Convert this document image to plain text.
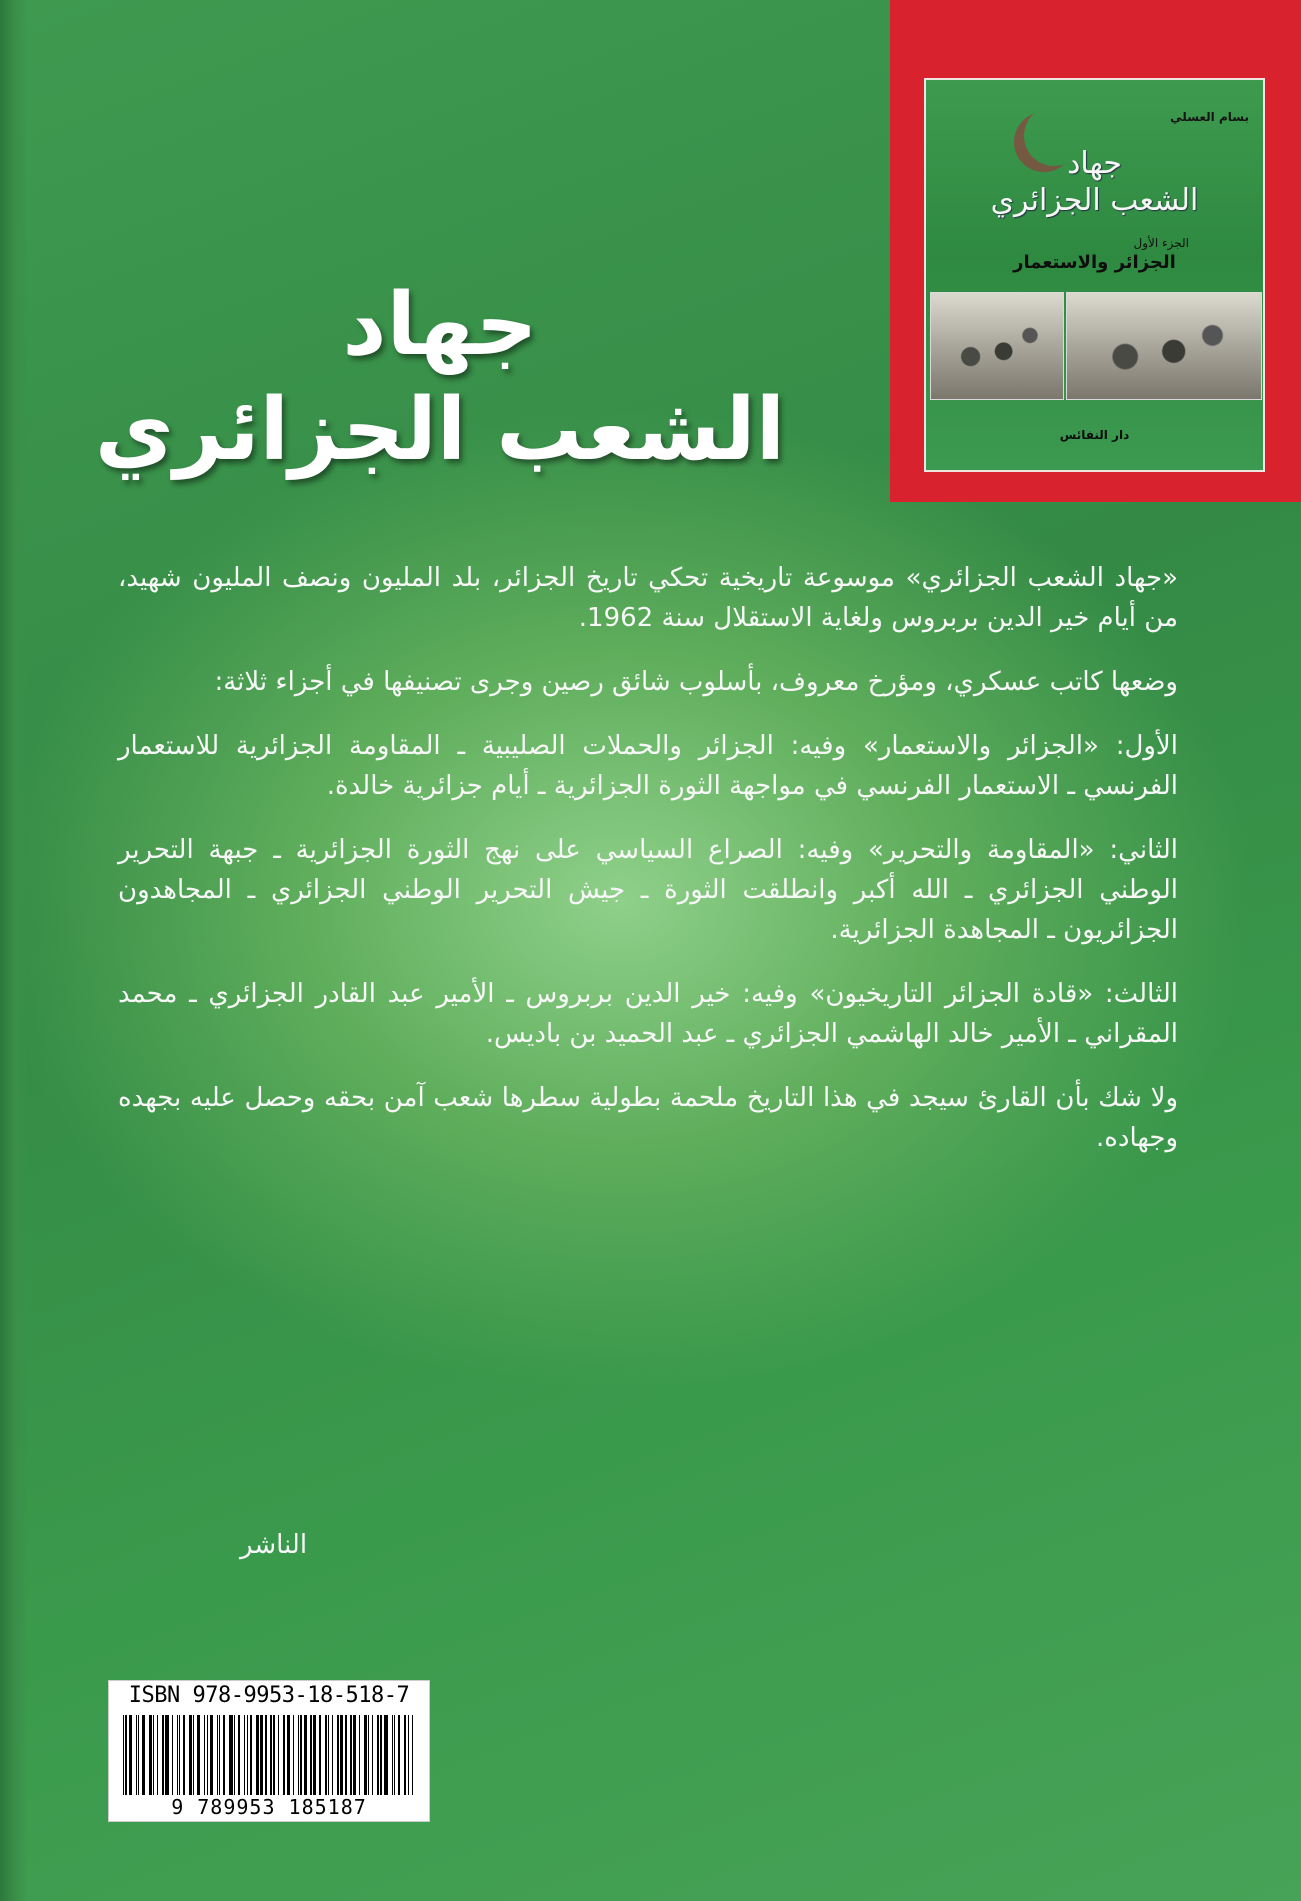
بسام العسلي
جهاد
الشعب الجزائري
الجزء الأول
الجزائر والاستعمار
دار النفائس
جهاد
الشعب الجزائري

«جهاد الشعب الجزائري» موسوعة تاريخية تحكي تاريخ الجزائر، بلد المليون ونصف المليون شهيد، من أيام خير الدين بربروس ولغاية الاستقلال سنة 1962.

وضعها كاتب عسكري، ومؤرخ معروف، بأسلوب شائق رصين وجرى تصنيفها في أجزاء ثلاثة:

الأول: «الجزائر والاستعمار» وفيه: الجزائر والحملات الصليبية ـ المقاومة الجزائرية للاستعمار الفرنسي ـ الاستعمار الفرنسي في مواجهة الثورة الجزائرية ـ أيام جزائرية خالدة.

الثاني: «المقاومة والتحرير» وفيه: الصراع السياسي على نهج الثورة الجزائرية ـ جبهة التحرير الوطني الجزائري ـ الله أكبر وانطلقت الثورة ـ جيش التحرير الوطني الجزائري ـ المجاهدون الجزائريون ـ المجاهدة الجزائرية.

الثالث: «قادة الجزائر التاريخيون» وفيه: خير الدين بربروس ـ الأمير عبد القادر الجزائري ـ محمد المقراني ـ الأمير خالد الهاشمي الجزائري ـ عبد الحميد بن باديس.

ولا شك بأن القارئ سيجد في هذا التاريخ ملحمة بطولية سطرها شعب آمن بحقه وحصل عليه بجهده وجهاده.

الناشر
ISBN 978-9953-18-518-7
9 789953 185187
